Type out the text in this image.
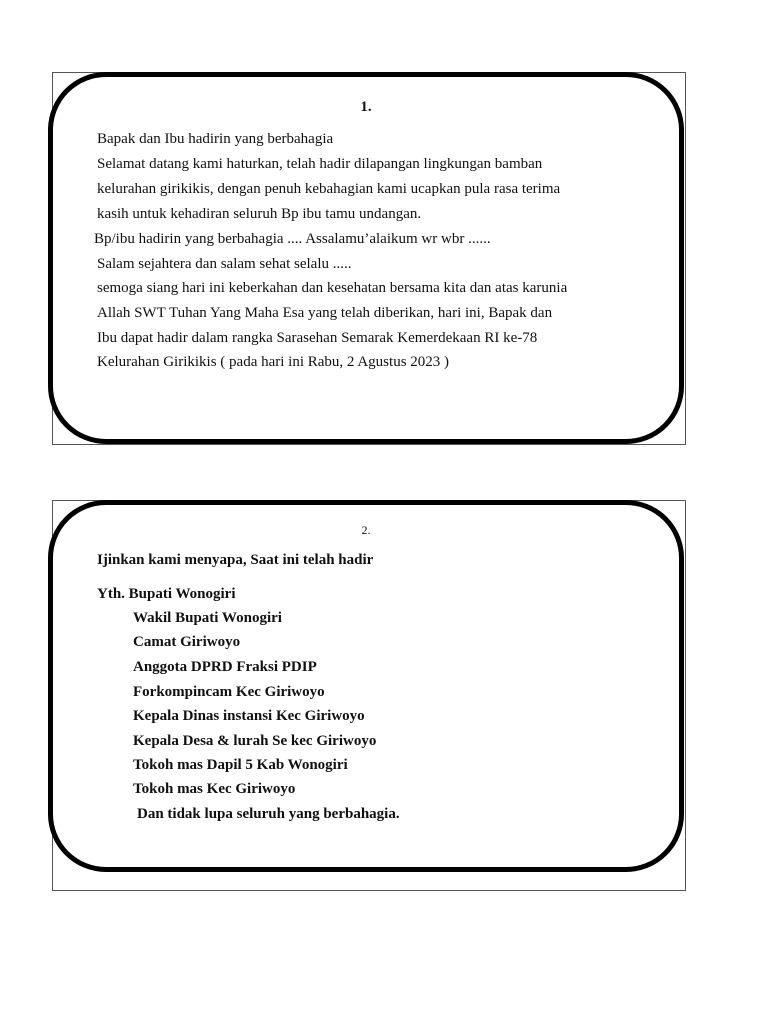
1.
Bapak dan Ibu hadirin yang berbahagia
Selamat datang kami haturkan, telah hadir dilapangan lingkungan bamban
kelurahan girikikis, dengan penuh kebahagian kami ucapkan pula rasa terima
kasih untuk kehadiran seluruh Bp ibu tamu undangan.
Bp/ibu hadirin yang berbahagia .... Assalamu’alaikum wr wbr ......
Salam sejahtera dan salam sehat selalu .....
semoga siang hari ini keberkahan dan kesehatan bersama kita dan atas karunia
Allah SWT Tuhan Yang Maha Esa yang telah diberikan, hari ini, Bapak dan
Ibu dapat hadir dalam rangka Sarasehan Semarak Kemerdekaan RI ke-78
Kelurahan Girikikis ( pada hari ini Rabu, 2 Agustus 2023 )
2.
Ijinkan kami menyapa, Saat ini telah hadir
Yth. Bupati Wonogiri
Wakil Bupati Wonogiri
Camat Giriwoyo
Anggota DPRD Fraksi PDIP
Forkompincam Kec Giriwoyo
Kepala Dinas instansi Kec Giriwoyo
Kepala Desa & lurah Se kec Giriwoyo
Tokoh mas Dapil 5 Kab Wonogiri
Tokoh mas Kec Giriwoyo
Dan tidak lupa seluruh yang berbahagia.
